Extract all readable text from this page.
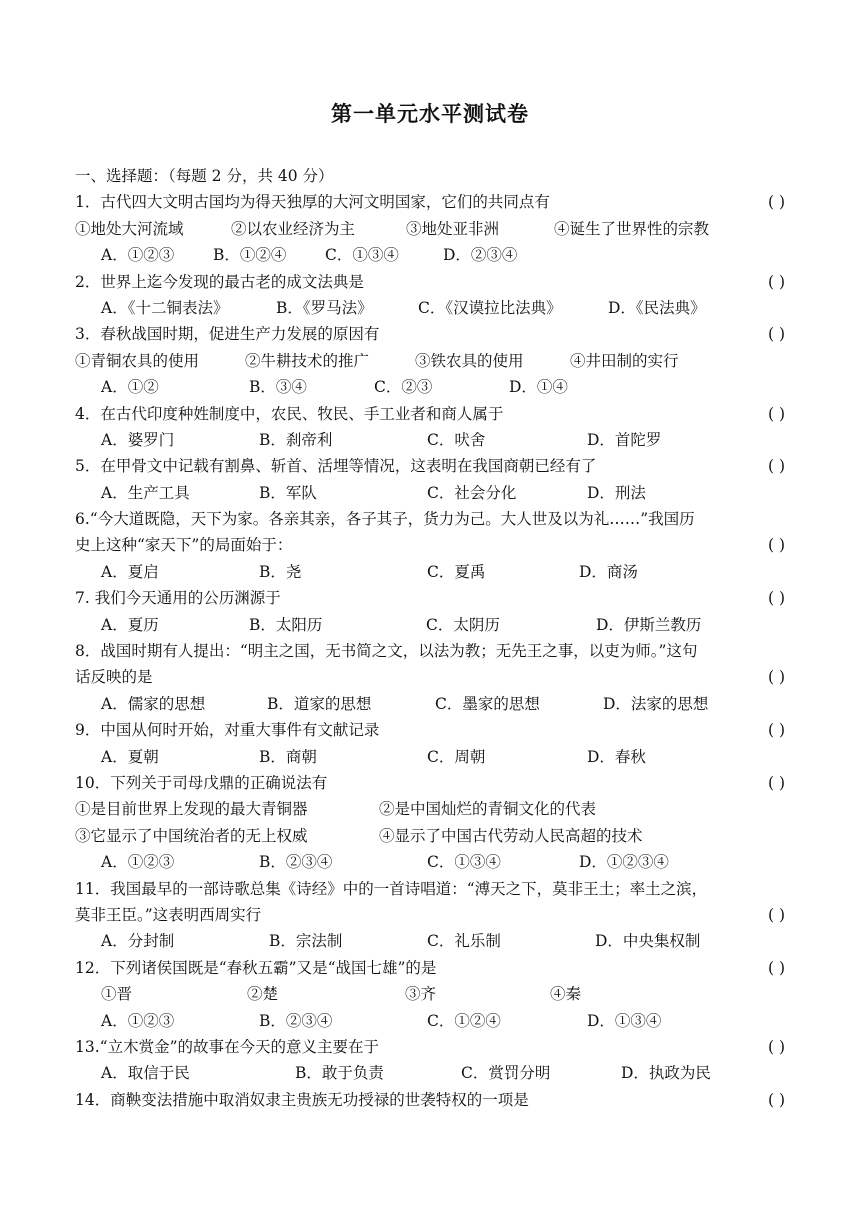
第一单元水平测试卷
一、选择题：（每题 2 分，共 40 分）
1．古代四大文明古国均为得天独厚的大河文明国家，它们的共同点有	( )
①地处大河流域	②以农业经济为主	③地处亚非洲	④诞生了世界性的宗教
A．①②③	B．①②④	C．①③④	D．②③④
2．世界上迄今发现的最古老的成文法典是	( )
A．《十二铜表法》	B．《罗马法》	C．《汉谟拉比法典》	D．《民法典》
3．春秋战国时期，促进生产力发展的原因有	( )
①青铜农具的使用	②牛耕技术的推广	③铁农具的使用	④井田制的实行
A．①②	B．③④	C．②③	D．①④
4．在古代印度种姓制度中，农民、牧民、手工业者和商人属于	( )
A．婆罗门	B．刹帝利	C．吠舍	D．首陀罗
5．在甲骨文中记载有割鼻、斩首、活埋等情况，这表明在我国商朝已经有了	( )
A．生产工具	B．军队	C．社会分化	D．刑法
6.“今大道既隐，天下为家。各亲其亲，各子其子，货力为己。大人世及以为礼……”我国历
史上这种“家天下”的局面始于：	( )
A．夏启	B．尧	C．夏禹	D．商汤
7. 我们今天通用的公历渊源于	( )
A．夏历	B．太阳历	C．太阴历	D．伊斯兰教历
8．战国时期有人提出：“明主之国，无书简之文，以法为教；无先王之事，以吏为师。”这句
话反映的是	( )
A．儒家的思想	B．道家的思想	C．墨家的思想	D．法家的思想
9．中国从何时开始，对重大事件有文献记录	( )
A．夏朝	B．商朝	C．周朝	D．春秋
10．下列关于司母戊鼎的正确说法有	( )
①是目前世界上发现的最大青铜器	②是中国灿烂的青铜文化的代表
③它显示了中国统治者的无上权威	④显示了中国古代劳动人民高超的技术
A．①②③	B．②③④	C．①③④	D．①②③④
11．我国最早的一部诗歌总集《诗经》中的一首诗唱道：“溥天之下，莫非王土；率土之滨，
莫非王臣。”这表明西周实行	( )
A．分封制	B．宗法制	C．礼乐制	D．中央集权制
12．下列诸侯国既是“春秋五霸”又是“战国七雄”的是	( )
①晋	②楚	③齐	④秦
A．①②③	B．②③④	C．①②④	D．①③④
13.“立木赏金”的故事在今天的意义主要在于	( )
A．取信于民	B．敢于负责	C．赏罚分明	D．执政为民
14．商鞅变法措施中取消奴隶主贵族无功授禄的世袭特权的一项是	( )
